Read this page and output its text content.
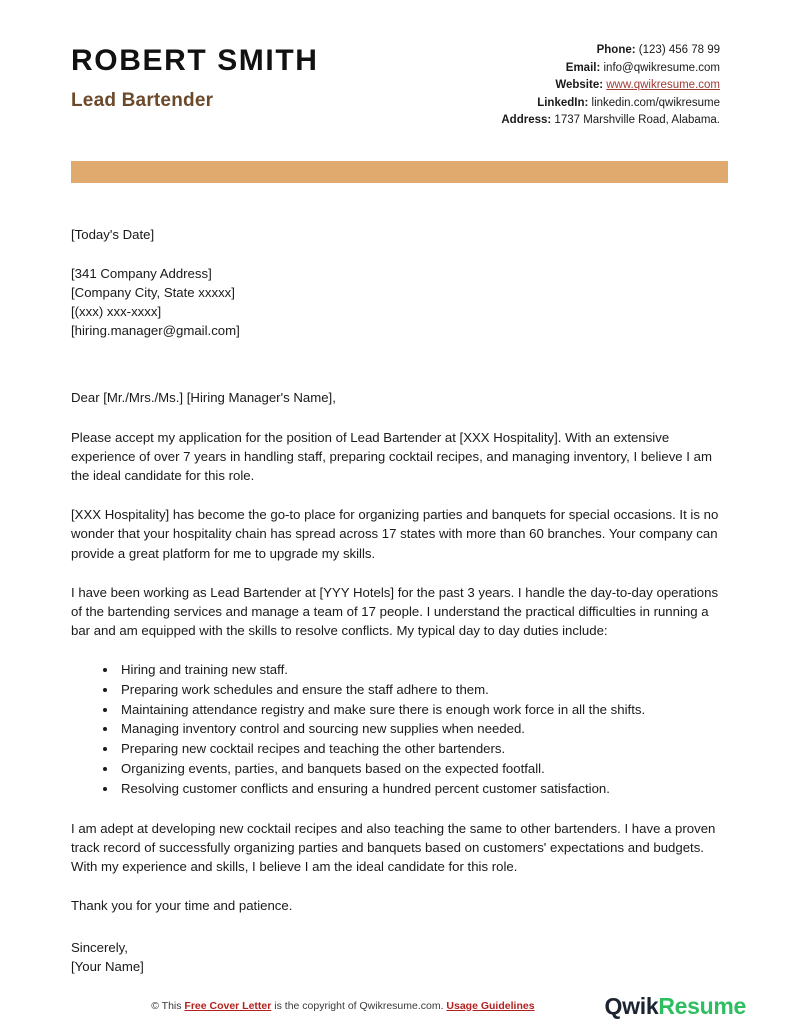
ROBERT SMITH
Lead Bartender
Phone: (123) 456 78 99
Email: info@qwikresume.com
Website: www.qwikresume.com
LinkedIn: linkedin.com/qwikresume
Address: 1737 Marshville Road, Alabama.
[Today's Date]
[341 Company Address]
[Company City, State xxxxx]
[(xxx) xxx-xxxx]
[hiring.manager@gmail.com]
Dear [Mr./Mrs./Ms.] [Hiring Manager's Name],

Please accept my application for the position of Lead Bartender at [XXX Hospitality]. With an extensive experience of over 7 years in handling staff, preparing cocktail recipes, and managing inventory, I believe I am the ideal candidate for this role.

[XXX Hospitality] has become the go-to place for organizing parties and banquets for special occasions. It is no wonder that your hospitality chain has spread across 17 states with more than 60 branches. Your company can provide a great platform for me to upgrade my skills.

I have been working as Lead Bartender at [YYY Hotels] for the past 3 years. I handle the day-to-day operations of the bartending services and manage a team of 17 people. I understand the practical difficulties in running a bar and am equipped with the skills to resolve conflicts. My typical day to day duties include:

Hiring and training new staff.
Preparing work schedules and ensure the staff adhere to them.
Maintaining attendance registry and make sure there is enough work force in all the shifts.
Managing inventory control and sourcing new supplies when needed.
Preparing new cocktail recipes and teaching the other bartenders.
Organizing events, parties, and banquets based on the expected footfall.
Resolving customer conflicts and ensuring a hundred percent customer satisfaction.

I am adept at developing new cocktail recipes and also teaching the same to other bartenders. I have a proven track record of successfully organizing parties and banquets based on customers' expectations and budgets. With my experience and skills, I believe I am the ideal candidate for this role.

Thank you for your time and patience.

Sincerely,
[Your Name]
© This Free Cover Letter is the copyright of Qwikresume.com. Usage Guidelines	QwikResume
